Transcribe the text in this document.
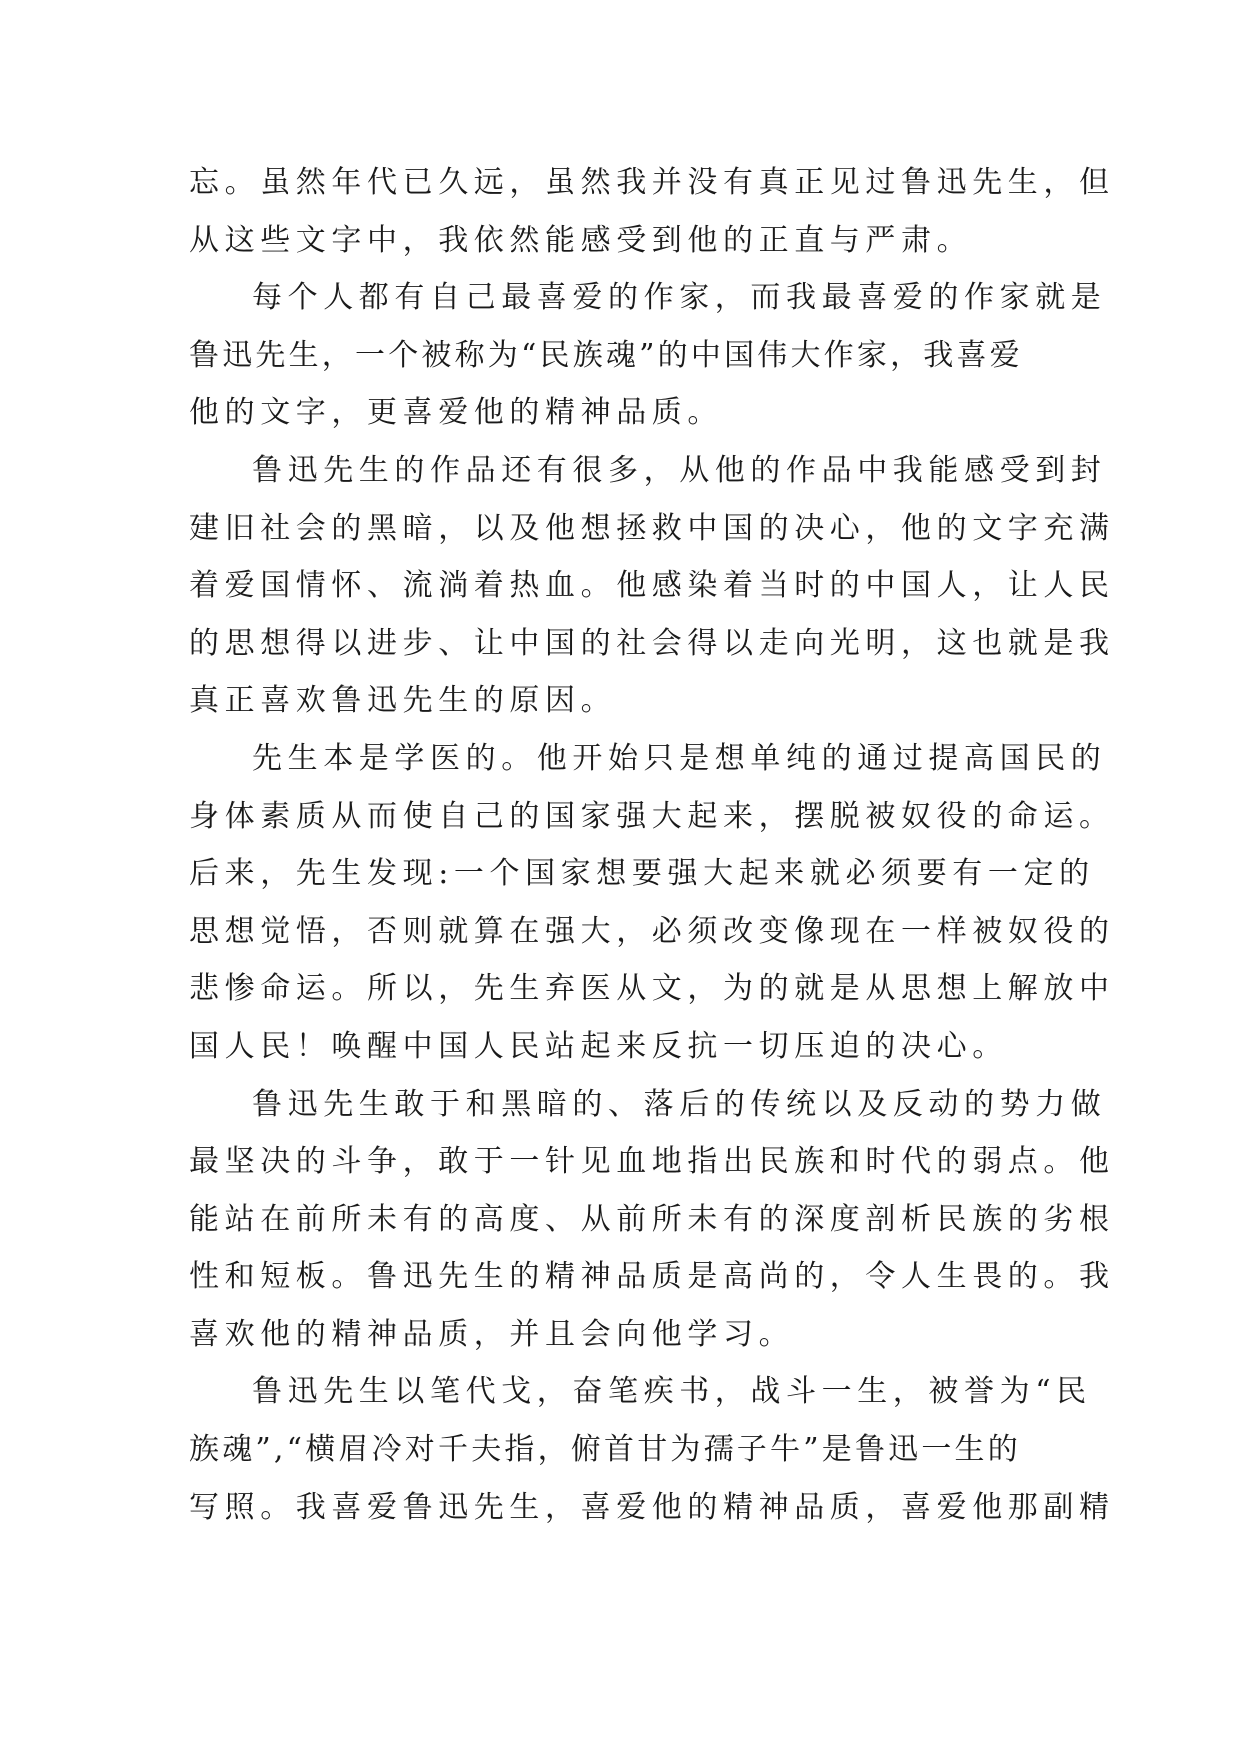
忘。虽然年代已久远，虽然我并没有真正见过鲁迅先生，但
从这些文字中，我依然能感受到他的正直与严肃。
每个人都有自己最喜爱的作家，而我最喜爱的作家就是
鲁迅先生，一个被称为“民族魂”的中国伟大作家，我喜爱
他的文字，更喜爱他的精神品质。
鲁迅先生的作品还有很多，从他的作品中我能感受到封
建旧社会的黑暗，以及他想拯救中国的决心，他的文字充满
着爱国情怀、流淌着热血。他感染着当时的中国人，让人民
的思想得以进步、让中国的社会得以走向光明，这也就是我
真正喜欢鲁迅先生的原因。
先生本是学医的。他开始只是想单纯的通过提高国民的
身体素质从而使自己的国家强大起来，摆脱被奴役的命运。
后来，先生发现:一个国家想要强大起来就必须要有一定的
思想觉悟，否则就算在强大，必须改变像现在一样被奴役的
悲惨命运。所以，先生弃医从文，为的就是从思想上解放中
国人民！唤醒中国人民站起来反抗一切压迫的决心。
鲁迅先生敢于和黑暗的、落后的传统以及反动的势力做
最坚决的斗争，敢于一针见血地指出民族和时代的弱点。他
能站在前所未有的高度、从前所未有的深度剖析民族的劣根
性和短板。鲁迅先生的精神品质是高尚的，令人生畏的。我
喜欢他的精神品质，并且会向他学习。
鲁迅先生以笔代戈，奋笔疾书，战斗一生，被誉为“民
族魂”,“横眉冷对千夫指，俯首甘为孺子牛”是鲁迅一生的
写照。我喜爱鲁迅先生，喜爱他的精神品质，喜爱他那副精
